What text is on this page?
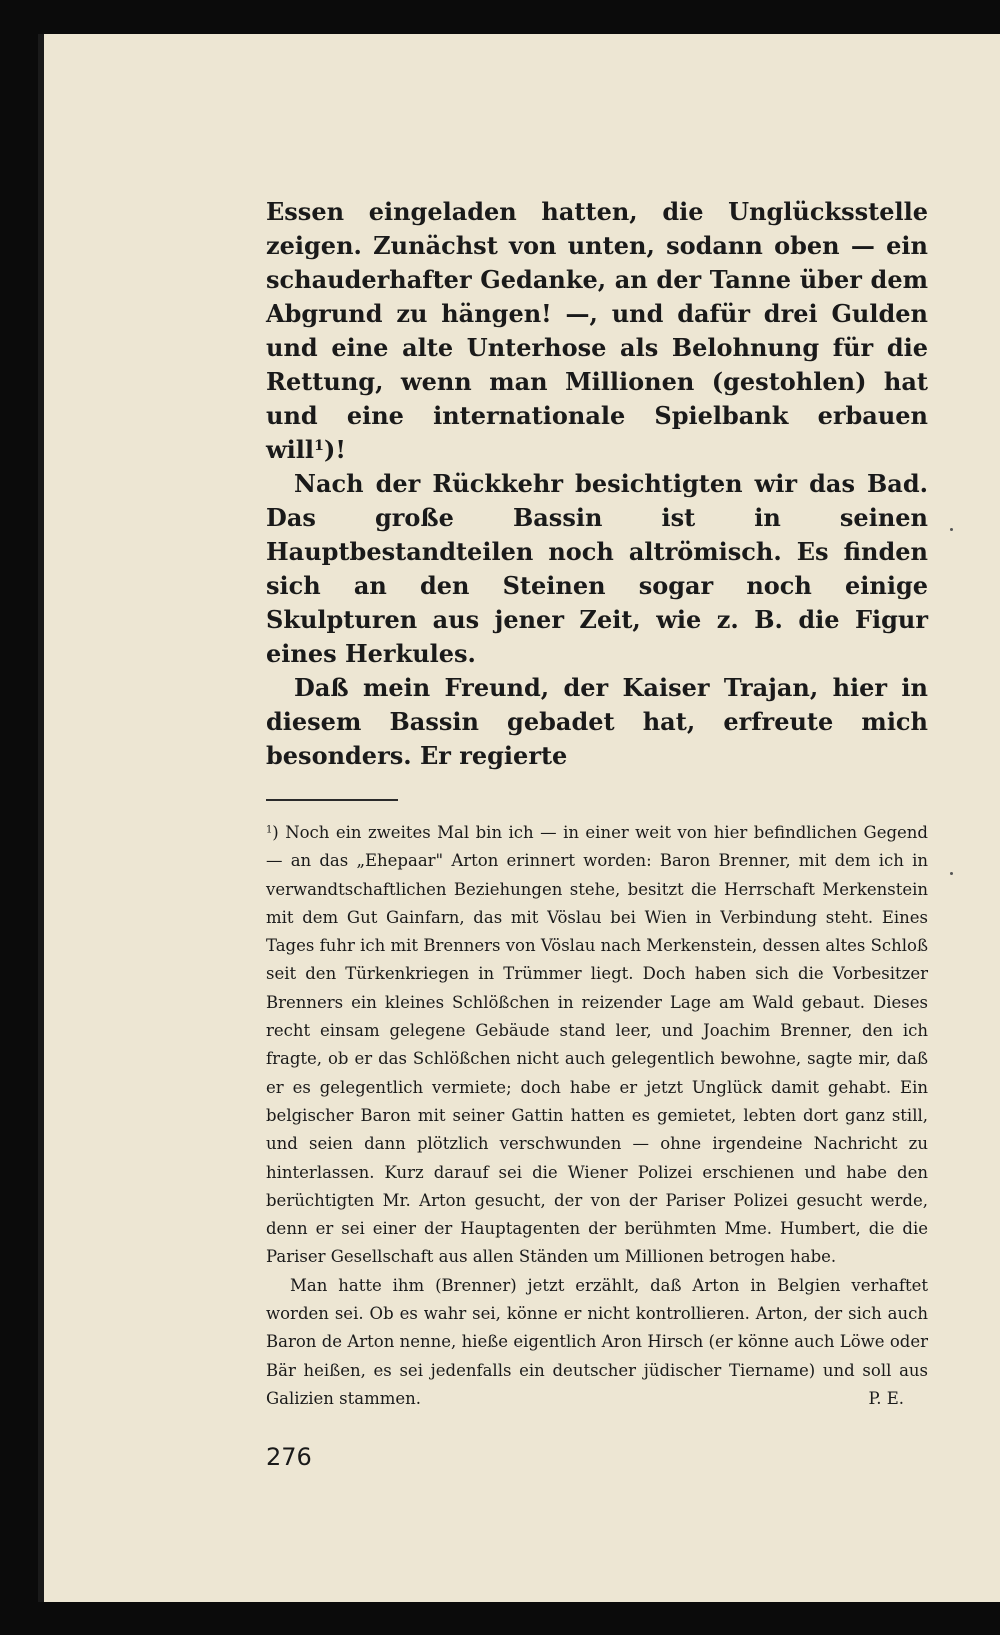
Essen eingeladen hatten, die Unglücksstelle zeigen. Zunächst von unten, sodann oben — ein schauderhafter Gedanke, an der Tanne über dem Abgrund zu hängen! —, und dafür drei Gulden und eine alte Unterhose als Belohnung für die Rettung, wenn man Millionen (gestohlen) hat und eine internationale Spielbank erbauen will$^1$)!

Nach der Rückkehr besichtigten wir das Bad. Das große Bassin ist in seinen Hauptbestandteilen noch altrömisch. Es finden sich an den Steinen sogar noch einige Skulpturen aus jener Zeit, wie z. B. die Figur eines Herkules.

Daß mein Freund, der Kaiser Trajan, hier in diesem Bassin gebadet hat, erfreute mich besonders. Er regierte

$^1$) Noch ein zweites Mal bin ich — in einer weit von hier befindlichen Gegend — an das „Ehepaar" Arton erinnert worden: Baron Brenner, mit dem ich in verwandtschaftlichen Beziehungen stehe, besitzt die Herrschaft Merkenstein mit dem Gut Gainfarn, das mit Vöslau bei Wien in Verbindung steht. Eines Tages fuhr ich mit Brenners von Vöslau nach Merkenstein, dessen altes Schloß seit den Türkenkriegen in Trümmer liegt. Doch haben sich die Vorbesitzer Brenners ein kleines Schlößchen in reizender Lage am Wald gebaut. Dieses recht einsam gelegene Gebäude stand leer, und Joachim Brenner, den ich fragte, ob er das Schlößchen nicht auch gelegentlich bewohne, sagte mir, daß er es gelegentlich vermiete; doch habe er jetzt Unglück damit gehabt. Ein belgischer Baron mit seiner Gattin hatten es gemietet, lebten dort ganz still, und seien dann plötzlich verschwunden — ohne irgendeine Nachricht zu hinterlassen. Kurz darauf sei die Wiener Polizei erschienen und habe den berüchtigten Mr. Arton gesucht, der von der Pariser Polizei gesucht werde, denn er sei einer der Hauptagenten der berühmten Mme. Humbert, die die Pariser Gesellschaft aus allen Ständen um Millionen betrogen habe.

Man hatte ihm (Brenner) jetzt erzählt, daß Arton in Belgien verhaftet worden sei. Ob es wahr sei, könne er nicht kontrollieren. Arton, der sich auch Baron de Arton nenne, hieße eigentlich Aron Hirsch (er könne auch Löwe oder Bär heißen, es sei jedenfalls ein deutscher jüdischer Tiername) und soll aus Galizien stammen.	P. E.

276
